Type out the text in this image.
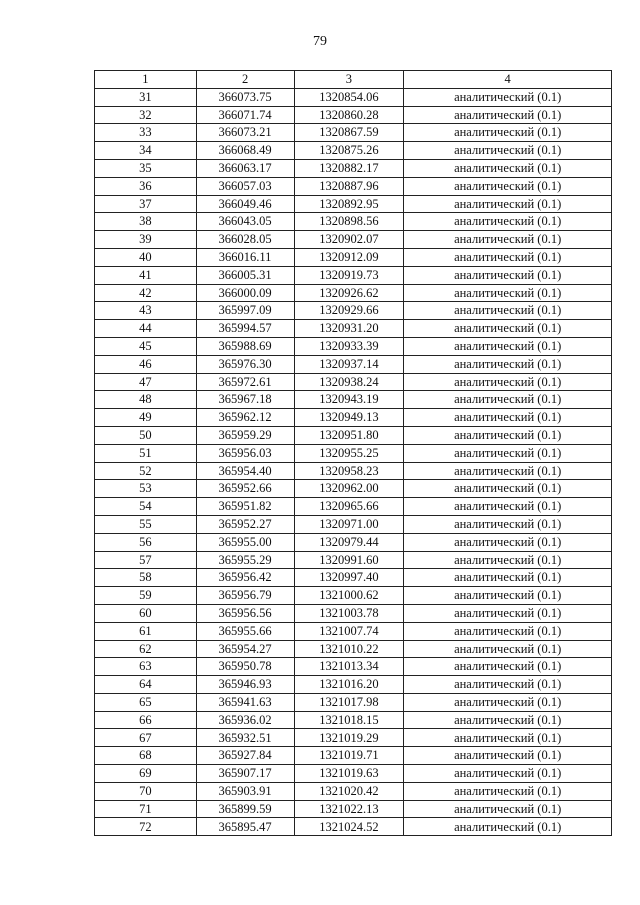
79
1	2	3	4
31	366073.75	1320854.06	аналитический (0.1)
32	366071.74	1320860.28	аналитический (0.1)
33	366073.21	1320867.59	аналитический (0.1)
34	366068.49	1320875.26	аналитический (0.1)
35	366063.17	1320882.17	аналитический (0.1)
36	366057.03	1320887.96	аналитический (0.1)
37	366049.46	1320892.95	аналитический (0.1)
38	366043.05	1320898.56	аналитический (0.1)
39	366028.05	1320902.07	аналитический (0.1)
40	366016.11	1320912.09	аналитический (0.1)
41	366005.31	1320919.73	аналитический (0.1)
42	366000.09	1320926.62	аналитический (0.1)
43	365997.09	1320929.66	аналитический (0.1)
44	365994.57	1320931.20	аналитический (0.1)
45	365988.69	1320933.39	аналитический (0.1)
46	365976.30	1320937.14	аналитический (0.1)
47	365972.61	1320938.24	аналитический (0.1)
48	365967.18	1320943.19	аналитический (0.1)
49	365962.12	1320949.13	аналитический (0.1)
50	365959.29	1320951.80	аналитический (0.1)
51	365956.03	1320955.25	аналитический (0.1)
52	365954.40	1320958.23	аналитический (0.1)
53	365952.66	1320962.00	аналитический (0.1)
54	365951.82	1320965.66	аналитический (0.1)
55	365952.27	1320971.00	аналитический (0.1)
56	365955.00	1320979.44	аналитический (0.1)
57	365955.29	1320991.60	аналитический (0.1)
58	365956.42	1320997.40	аналитический (0.1)
59	365956.79	1321000.62	аналитический (0.1)
60	365956.56	1321003.78	аналитический (0.1)
61	365955.66	1321007.74	аналитический (0.1)
62	365954.27	1321010.22	аналитический (0.1)
63	365950.78	1321013.34	аналитический (0.1)
64	365946.93	1321016.20	аналитический (0.1)
65	365941.63	1321017.98	аналитический (0.1)
66	365936.02	1321018.15	аналитический (0.1)
67	365932.51	1321019.29	аналитический (0.1)
68	365927.84	1321019.71	аналитический (0.1)
69	365907.17	1321019.63	аналитический (0.1)
70	365903.91	1321020.42	аналитический (0.1)
71	365899.59	1321022.13	аналитический (0.1)
72	365895.47	1321024.52	аналитический (0.1)
